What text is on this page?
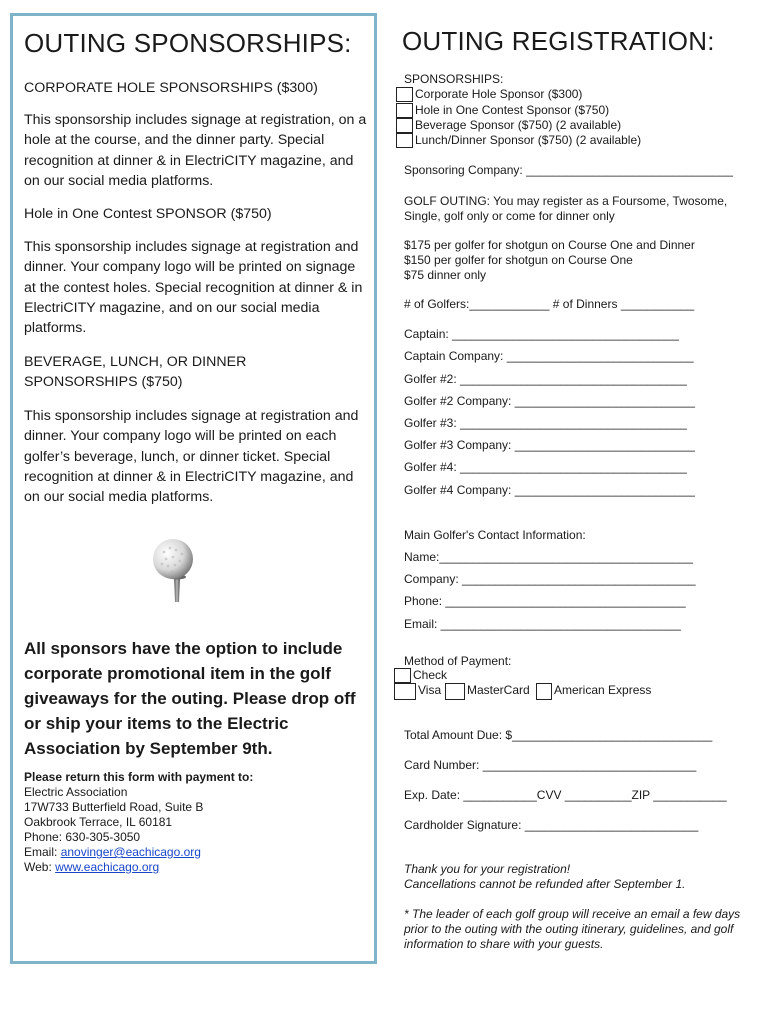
OUTING SPONSORSHIPS:

CORPORATE HOLE SPONSORSHIPS ($300)

This sponsorship includes signage at registration, on a hole at the course, and the dinner party. Special recognition at dinner & in ElectriCITY magazine, and on our social media platforms.

Hole in One Contest SPONSOR ($750)

This sponsorship includes signage at registration and dinner. Your company logo will be printed on signage at the contest holes. Special recognition at dinner & in ElectriCITY magazine, and on our social media platforms.

BEVERAGE, LUNCH, OR DINNER SPONSORSHIPS ($750)

This sponsorship includes signage at registration and dinner. Your company logo will be printed on each golfer’s beverage, lunch, or dinner ticket. Special recognition at dinner & in ElectriCITY magazine, and on our social media platforms.

All sponsors have the option to include corporate promotional item in the golf giveaways for the outing. Please drop off or ship your items to the Electric Association by September 9th.

Please return this form with payment to:
Electric Association
17W733 Butterfield Road, Suite B
Oakbrook Terrace, IL 60181
Phone: 630-305-3050
Email: anovinger@eachicago.org
Web: www.eachicago.org
OUTING REGISTRATION:

SPONSORSHIPS:

Corporate Hole Sponsor ($300)
Hole in One Contest Sponsor ($750)
Beverage Sponsor ($750) (2 available)
Lunch/Dinner Sponsor ($750) (2 available)

Sponsoring Company: _______________________________

GOLF OUTING: You may register as a Foursome, Twosome, Single, golf only or come for dinner only

$175 per golfer for shotgun on Course One and Dinner

$150 per golfer for shotgun on Course One

$75 dinner only

# of Golfers:____________ # of Dinners ___________

Captain: __________________________________

Captain Company: ____________________________

Golfer #2: __________________________________

Golfer #2 Company: ___________________________

Golfer #3: __________________________________

Golfer #3 Company: ___________________________

Golfer #4: __________________________________

Golfer #4 Company: ___________________________

Main Golfer's Contact Information:

Name:______________________________________

Company: ___________________________________

Phone: ____________________________________

Email: ____________________________________

Method of Payment:

Check
Visa	MasterCard	American Express

Total Amount Due: $______________________________

Card Number: ________________________________

Exp. Date: ___________CVV __________ZIP ___________

Cardholder Signature: __________________________

Thank you for your registration!

Cancellations cannot be refunded after September 1.

* The leader of each golf group will receive an email a few days prior to the outing with the outing itinerary, guidelines, and golf information to share with your guests.
